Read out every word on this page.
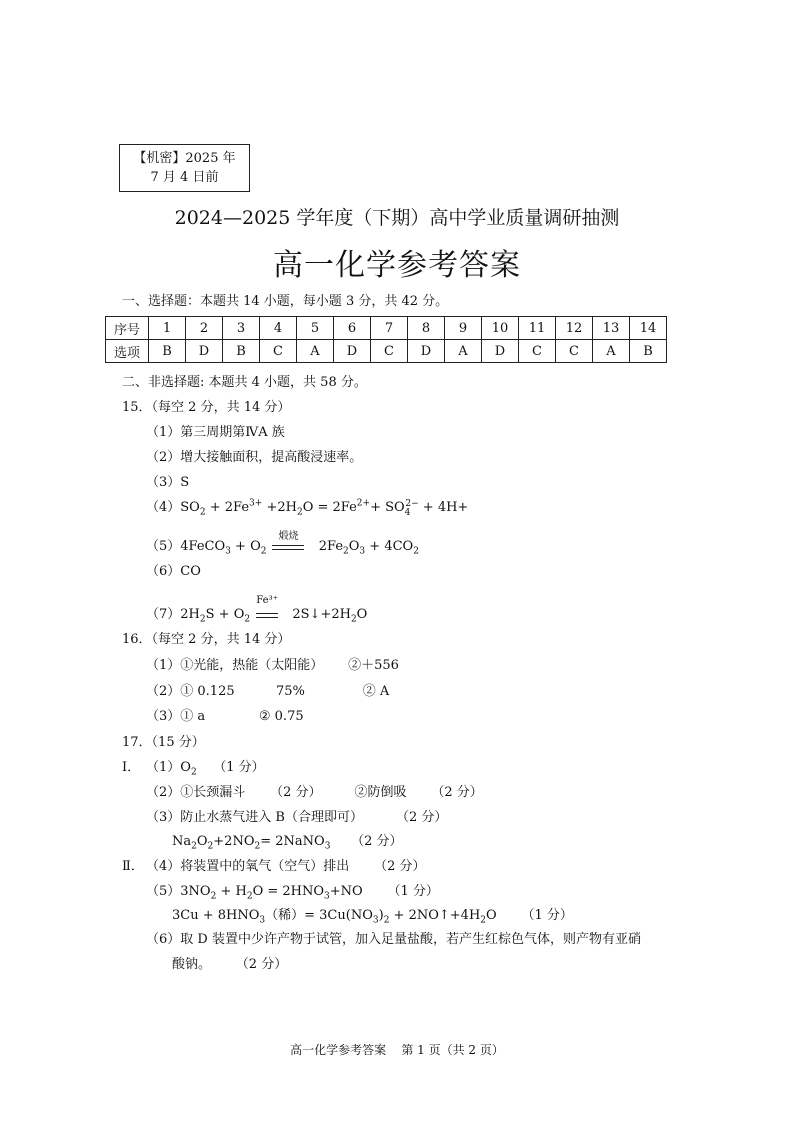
【机密】2025 年
7 月 4 日前
2024—2025 学年度（下期）高中学业质量调研抽测
高一化学参考答案
一、选择题：本题共 14 小题，每小题 3 分，共 42 分。
序号	1	2	3	4	5	6	7	8	9	10	11	12	13	14
选项	B	D	B	C	A	D	C	D	A	D	C	C	A	B
二、非选择题: 本题共 4 小题，共 58 分。
15．（每空 2 分，共 14 分）
（1）第三周期第ⅣA 族
（2）增大接触面积，提高酸浸速率。
（3）S
$(4)SO_2 + 2Fe^{3+} +2H_2O = 2Fe^{2+}+ SO_4^{2-} + 4H+$
（5）4FeCO$_3$ + $O_2$
煅烧
$2Fe_2O_3 + 4CO_2$
（6）CO
$(7)2H_2S + O_2$
Fe³⁺
$2S↓+2H_2O$
16．（每空 2 分，共 14 分）
（1）①光能，热能（太阳能）      ②＋556
（2）① 0.125          75%              ② A
（3）① a             ② 0.75
17．（15 分）
Ⅰ． $(1)O_2$ （1 分）
（2）①长颈漏斗      （2 分）        ②防倒吸      （2 分）
（3）防止水蒸气进入 B（合理即可）        （2 分）
$Na_2O_2+2NO_2=$ 2NaNO$_3$ （2 分）
Ⅱ． （4）将装置中的氧气（空气）排出      （2 分）
$(5)3NO_2 + H_2O = 2HNO_3+NO$      （1 分）
$3Cu + 8HNO_3$（稀）= $3Cu(NO_3)_2$ + $2NO↑+4H_2O$      （1 分）
（6）取 D 装置中少许产物于试管，加入足量盐酸，若产生红棕色气体，则产物有亚硝
酸钠。      （2 分）
高一化学参考答案    第 1 页（共 2 页）
